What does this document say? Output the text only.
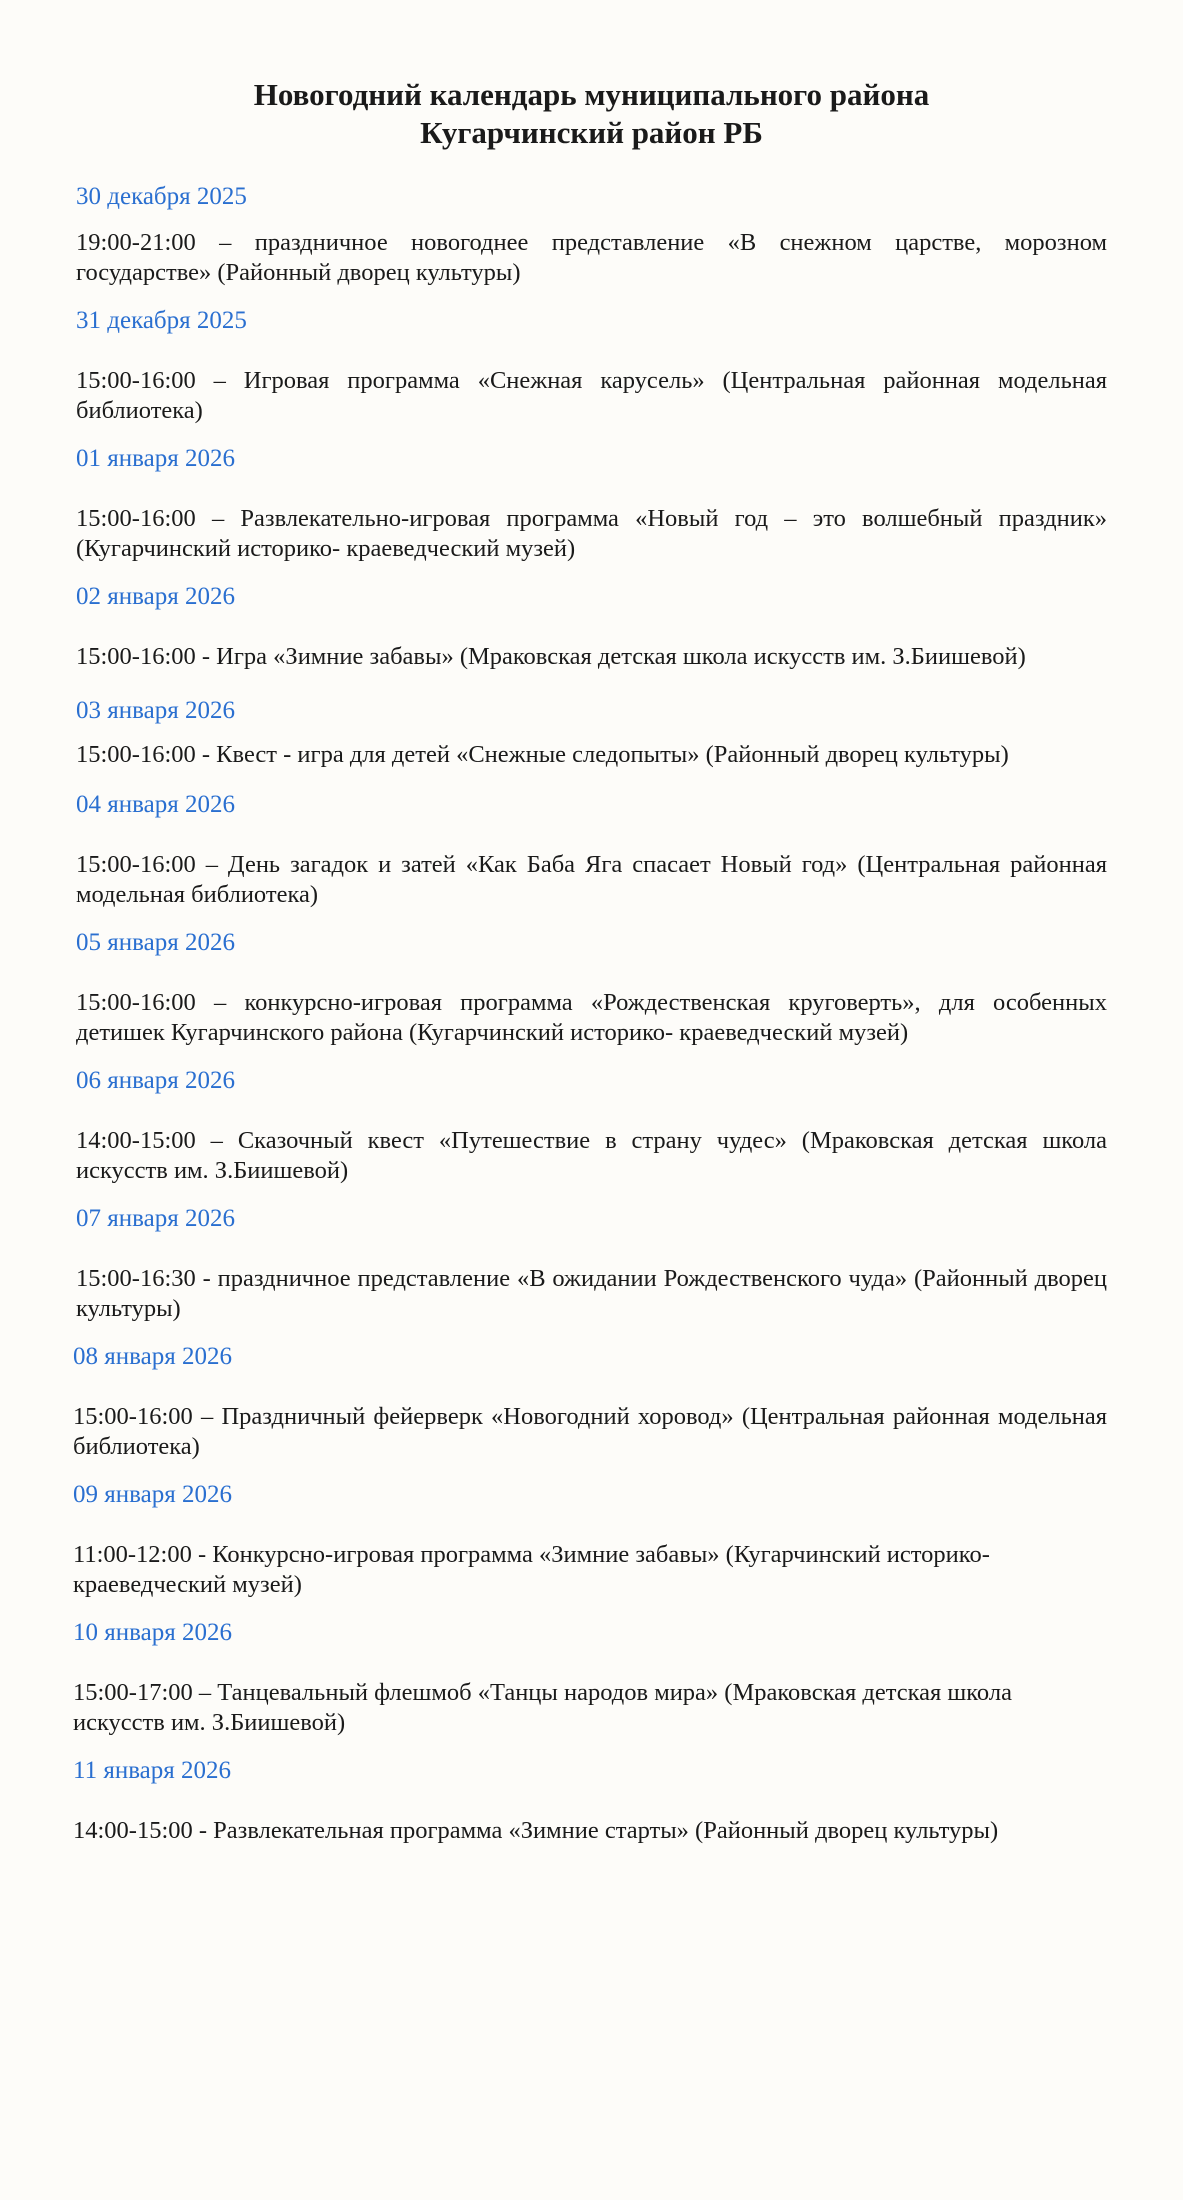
Новогодний календарь муниципального района
Кугарчинский район РБ
30 декабря 2025
19:00-21:00 – праздничное новогоднее представление «В снежном царстве, морозном государстве» (Районный дворец культуры)
31 декабря 2025
15:00-16:00 – Игровая программа «Снежная карусель» (Центральная районная модельная библиотека)
01 января 2026
15:00-16:00 – Развлекательно-игровая программа «Новый год – это волшебный праздник» (Кугарчинский историко- краеведческий музей)
02 января 2026
15:00-16:00 - Игра «Зимние забавы» (Мраковская детская школа искусств им. З.Биишевой)
03 января 2026
15:00-16:00 - Квест - игра для детей «Снежные следопыты» (Районный дворец культуры)
04 января 2026
15:00-16:00 – День загадок и затей «Как Баба Яга спасает Новый год» (Центральная районная модельная библиотека)
05 января 2026
15:00-16:00 – конкурсно-игровая программа «Рождественская круговерть», для особенных детишек Кугарчинского района (Кугарчинский историко- краеведческий музей)
06 января 2026
14:00-15:00 – Сказочный квест «Путешествие в страну чудес» (Мраковская детская школа искусств им. З.Биишевой)
07 января 2026
15:00-16:30 - праздничное представление «В ожидании Рождественского чуда» (Районный дворец культуры)
08 января 2026
15:00-16:00 – Праздничный фейерверк «Новогодний хоровод» (Центральная районная модельная библиотека)
09 января 2026
11:00-12:00 - Конкурсно-игровая программа «Зимние забавы» (Кугарчинский историко- краеведческий музей)
10 января 2026
15:00-17:00 – Танцевальный флешмоб «Танцы народов мира» (Мраковская детская школа искусств им. З.Биишевой)
11 января 2026
14:00-15:00 - Развлекательная программа «Зимние старты» (Районный дворец культуры)
